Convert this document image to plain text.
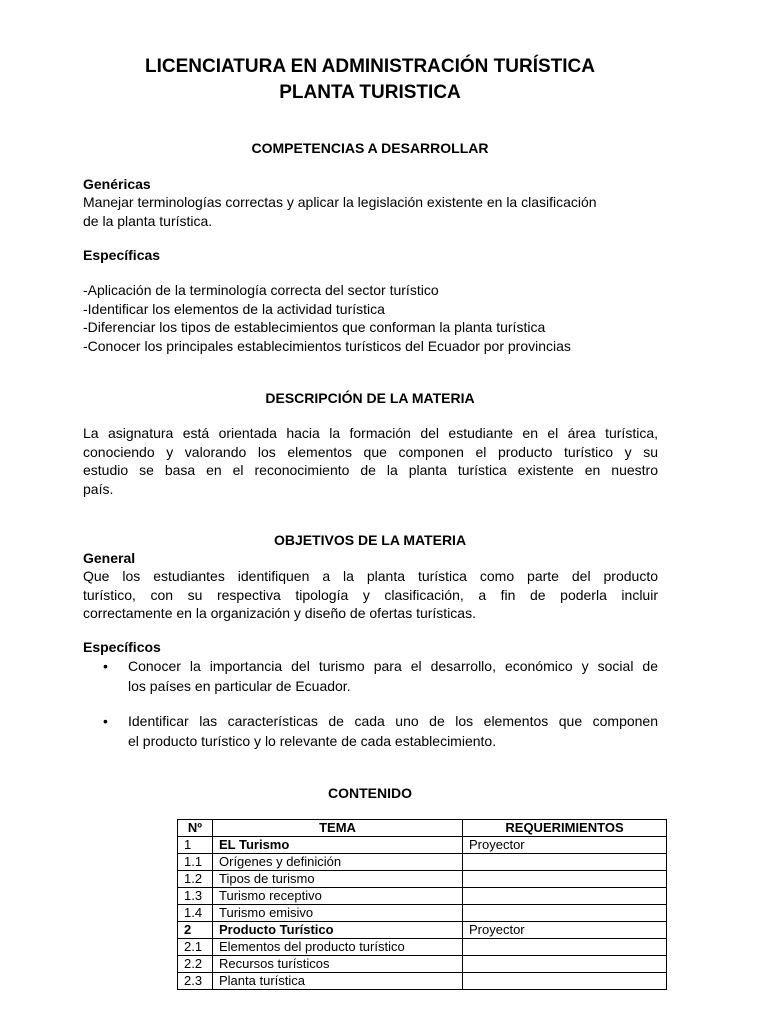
LICENCIATURA EN ADMINISTRACIÓN TURÍSTICA
PLANTA TURISTICA
COMPETENCIAS A DESARROLLAR
Genéricas
Manejar terminologías correctas y aplicar la legislación existente en la clasificación
de la planta turística.
Específicas
-Aplicación de la terminología correcta del sector turístico
-Identificar los elementos de la actividad turística
-Diferenciar los tipos de establecimientos que conforman la planta turística
-Conocer los principales establecimientos turísticos del Ecuador por provincias
DESCRIPCIÓN DE LA MATERIA
La asignatura está orientada hacia la formación del estudiante en el área turística,
conociendo y valorando los elementos que componen el producto turístico y su
estudio se basa en el reconocimiento de la planta turística existente en nuestro
país.
OBJETIVOS DE LA MATERIA
General
Que los estudiantes identifiquen a la planta turística como parte del producto
turístico, con su respectiva tipología y clasificación, a fin de poderla incluir
correctamente en la organización y diseño de ofertas turísticas.
Específicos
•	Conocer la importancia del turismo para el desarrollo, económico y social de
los países en particular de Ecuador.
•	Identificar las características de cada uno de los elementos que componen
el producto turístico y lo relevante de cada establecimiento.
CONTENIDO
Nº	TEMA	REQUERIMIENTOS
1	EL Turismo	Proyector
1.1	Orígenes y definición	
1.2	Tipos de turismo	
1.3	Turismo receptivo	
1.4	Turismo emisivo	
2	Producto Turístico	Proyector
2.1	Elementos del producto turístico	
2.2	Recursos turísticos	
2.3	Planta turística	
